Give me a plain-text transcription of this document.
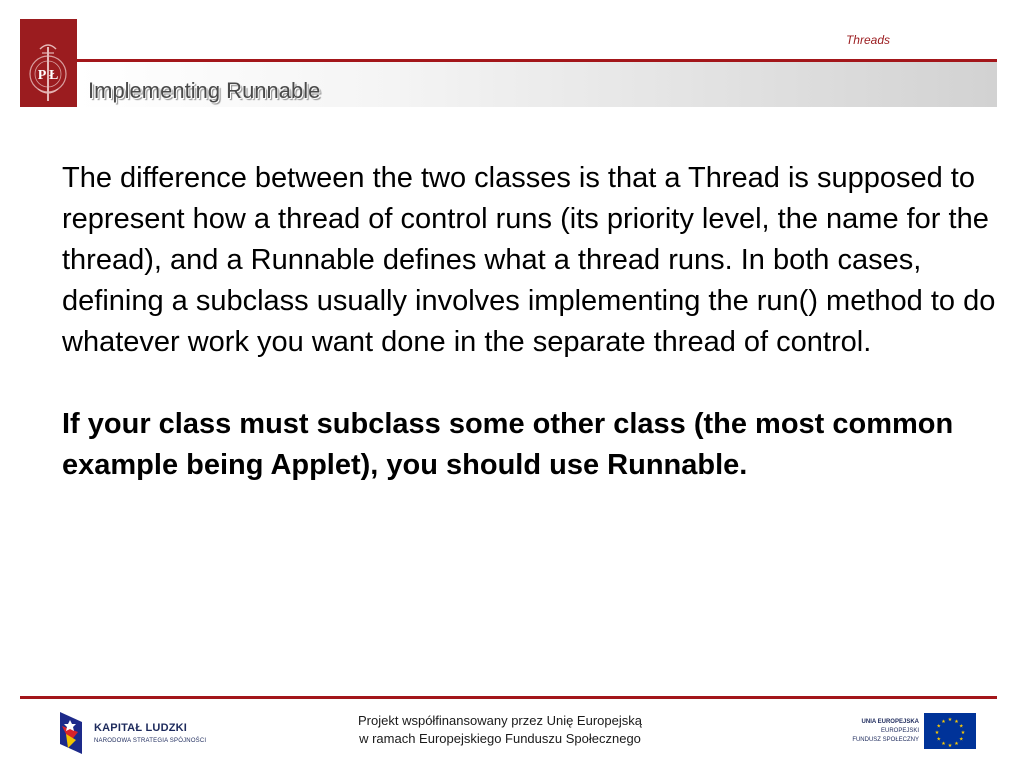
P Ł
Threads
Implementing Runnable

The difference between the two classes is that a Thread is supposed to represent how a thread of control runs (its priority level, the name for the thread), and a Runnable defines what a thread runs. In both cases, defining a subclass usually involves implementing the run() method to do whatever work you want done in the separate thread of control.

If your class must subclass some other class (the most common example being Applet), you should use Runnable.

KAPITAŁ LUDZKI
NARODOWA STRATEGIA SPÓJNOŚCI
Projekt współfinansowany przez Unię Europejską
w ramach Europejskiego Funduszu Społecznego
UNIA EUROPEJSKA
EUROPEJSKI
FUNDUSZ SPOŁECZNY
★ ★
★
★
★
★
★
★
★
★
★
★
